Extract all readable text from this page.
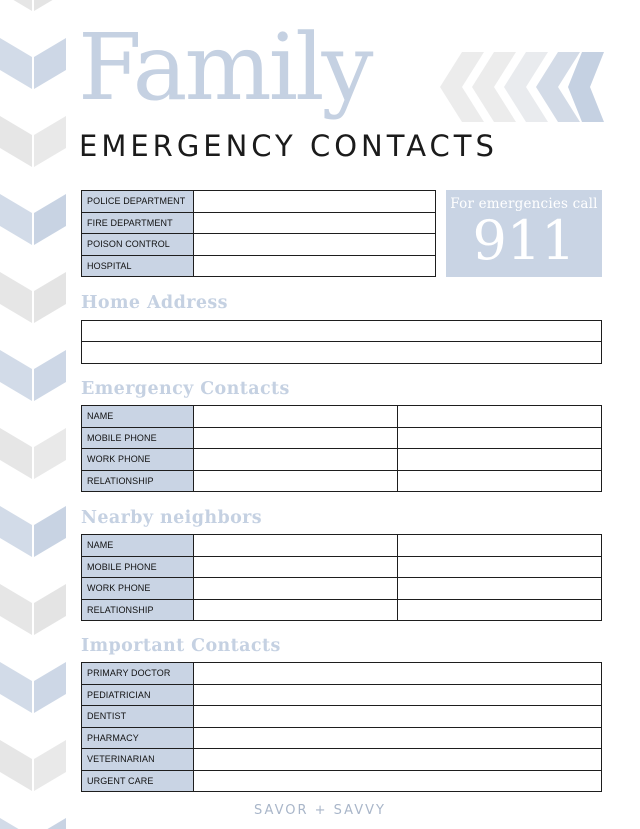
Family
EMERGENCY CONTACTS
POLICE DEPARTMENT	
FIRE DEPARTMENT	
POISON CONTROL	
HOSPITAL	
For emergencies call
911
Home Address
Emergency Contacts
NAME		
MOBILE PHONE		
WORK PHONE		
RELATIONSHIP		
Nearby neighbors
NAME		
MOBILE PHONE		
WORK PHONE		
RELATIONSHIP		
Important Contacts
PRIMARY DOCTOR	
PEDIATRICIAN	
DENTIST	
PHARMACY	
VETERINARIAN	
URGENT CARE	
SAVOR + SAVVY
